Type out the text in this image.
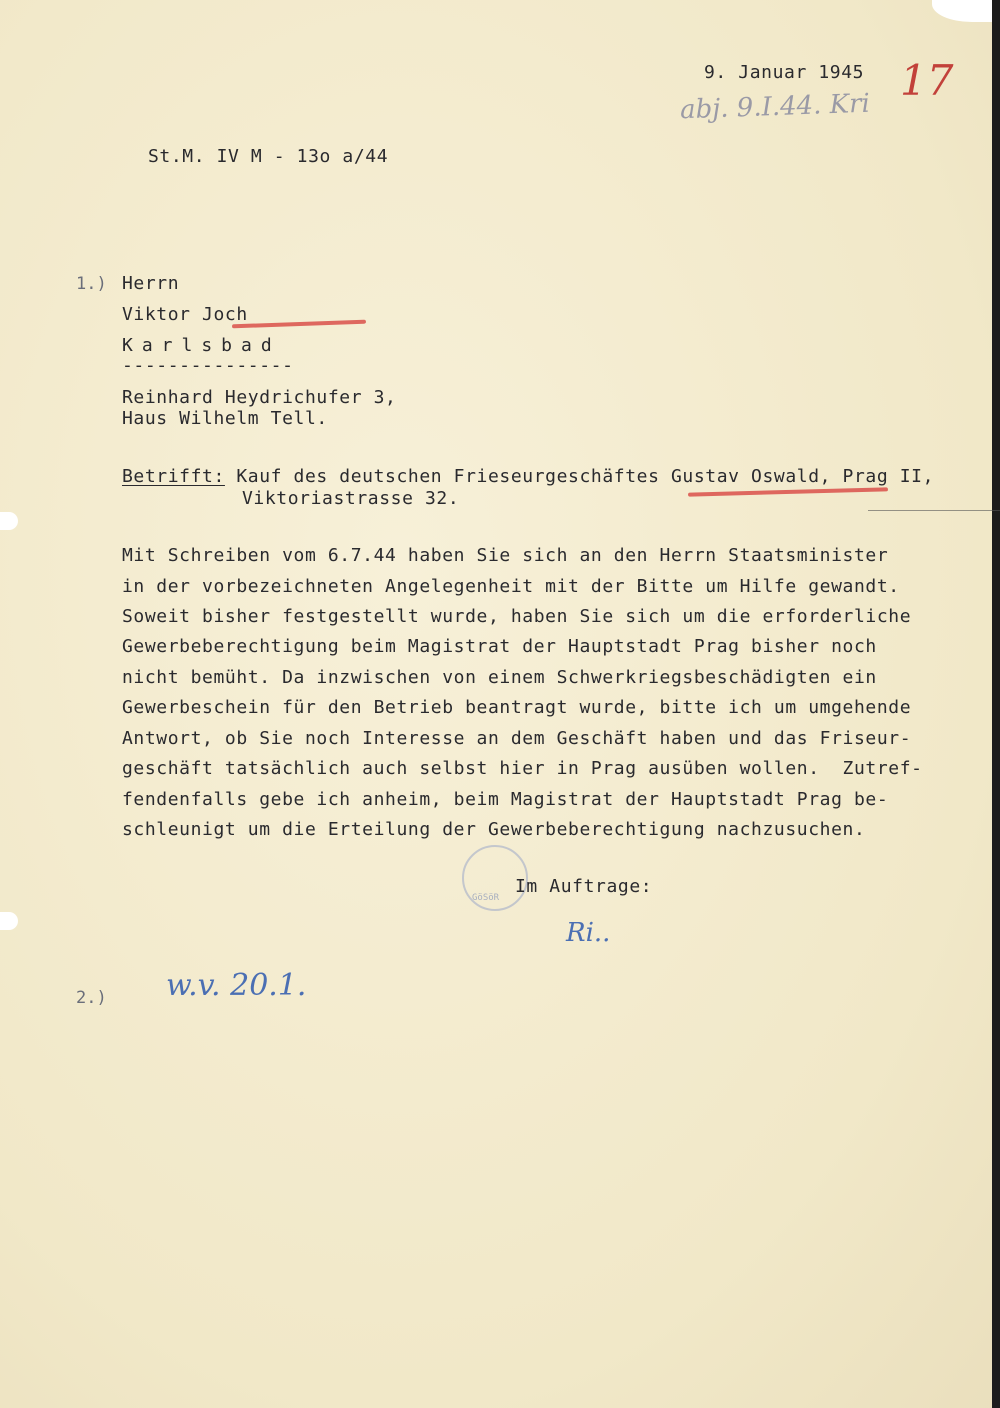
9. Januar 1945
abj. 9.I.44. Kri
17
St.M. IV M - 13o a/44
1.) Herrn
Viktor Joch
Karlsbad
---------------
Reinhard Heydrichufer 3,
Haus Wilhelm Tell.
Betrifft: Kauf des deutschen Frieseurgeschäftes Gustav Oswald, Prag II,
Viktoriastrasse 32.
Mit Schreiben vom 6.7.44 haben Sie sich an den Herrn Staatsminister
in der vorbezeichneten Angelegenheit mit der Bitte um Hilfe gewandt.
Soweit bisher festgestellt wurde, haben Sie sich um die erforderliche
Gewerbeberechtigung beim Magistrat der Hauptstadt Prag bisher noch
nicht bemüht. Da inzwischen von einem Schwerkriegsbeschädigten ein
Gewerbeschein für den Betrieb beantragt wurde, bitte ich um umgehende
Antwort, ob Sie noch Interesse an dem Geschäft haben und das Friseur-
geschäft tatsächlich auch selbst hier in Prag ausüben wollen.  Zutref-
fendenfalls gebe ich anheim, beim Magistrat der Hauptstadt Prag be-
schleunigt um die Erteilung der Gewerbeberechtigung nachzusuchen.
GöSöR
Im Auftrage:
Ri..
2.) w.v. 20.1.
